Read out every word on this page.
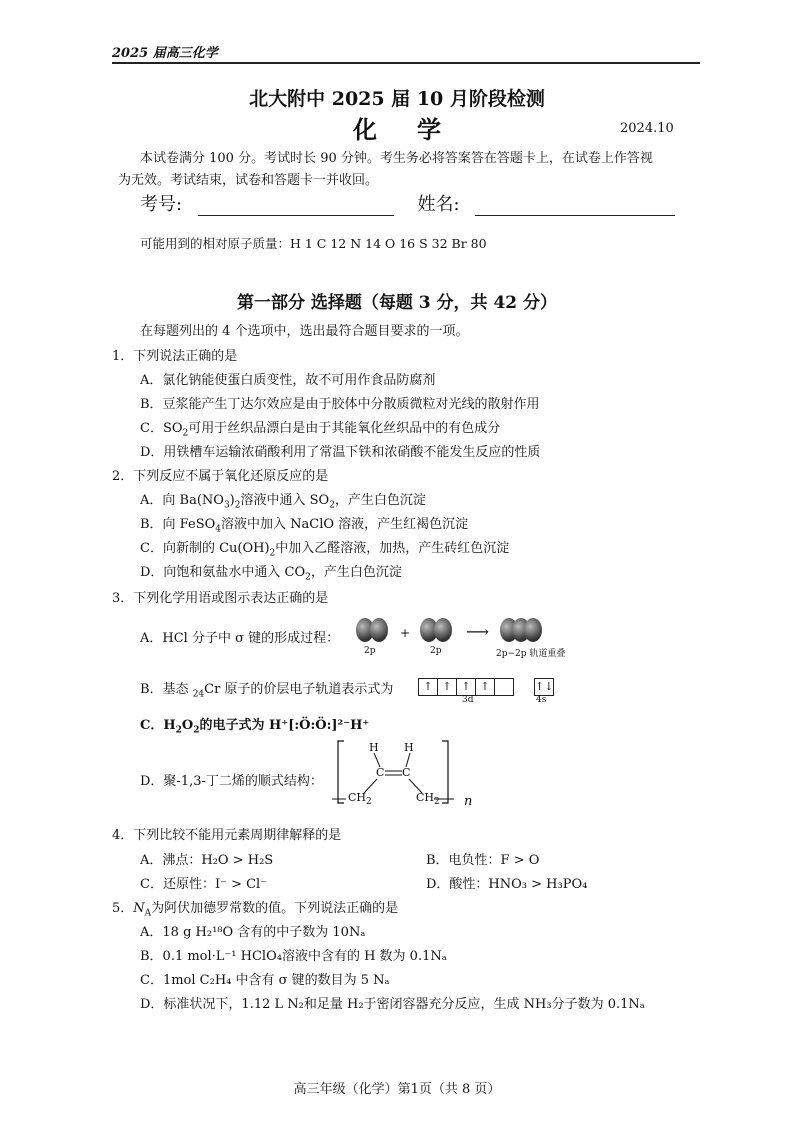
2025 届高三化学
北大附中 2025 届 10 月阶段检测
化学	2024.10
本试卷满分 100 分。考试时长 90 分钟。考生务必将答案答在答题卡上，在试卷上作答视
为无效。考试结束，试卷和答题卡一并收回。
考号:	姓名:
可能用到的相对原子质量：H 1 C 12 N 14 O 16 S 32 Br 80
第一部分 选择题（每题 3 分，共 42 分）
在每题列出的 4 个选项中，选出最符合题目要求的一项。
1．下列说法正确的是
A．氯化钠能使蛋白质变性，故不可用作食品防腐剂
B．豆浆能产生丁达尔效应是由于胶体中分散质微粒对光线的散射作用
C．$SO_2$可用于丝织品漂白是由于其能氧化丝织品中的有色成分
D．用铁槽车运输浓硝酸利用了常温下铁和浓硝酸不能发生反应的性质
2．下列反应不属于氧化还原反应的是
A．向 $Ba(NO_3)_2$溶液中通入 $SO_2$，产生白色沉淀
B．向 FeSO$_4$溶液中加入 NaClO 溶液，产生红褐色沉淀
C．向新制的 $Cu(OH)_2$中加入乙醛溶液，加热，产生砖红色沉淀
D．向饱和氨盐水中通入 $CO_2$，产生白色沉淀
3．下列化学用语或图示表达正确的是
A．HCl 分子中 σ 键的形成过程：
2p
+
2p
⟶
2p−2p 轨道重叠
B．基态 $_{24}$Cr 原子的价层电子轨道表示式为	↑ ↑ ↑ ↑
3d
↑↓
4s
C．$H_2O_2$的电子式为 H⁺[:Ö:Ö:]²⁻H⁺
D．聚-1,3-丁二烯的顺式结构：
H H
C C
$CH_2$	$CH_2$ n
4．下列比较不能用元素周期律解释的是
A．沸点：H₂O > H₂S	B．电负性：F > O
C．还原性：I⁻ > Cl⁻	D．酸性：HNO₃ > H₃PO₄
5．$N_A$为阿伏加德罗常数的值。下列说法正确的是
A．18 g H₂¹⁸O 含有的中子数为 10Nₐ
B．0.1 mol·L⁻¹ HClO₄溶液中含有的 H 数为 0.1Nₐ
C．1mol C₂H₄ 中含有 σ 键的数目为 5 Nₐ
D．标准状况下，1.12 L N₂和足量 H₂于密闭容器充分反应，生成 NH₃分子数为 0.1Nₐ
高三年级（化学）第1页（共 8 页）
